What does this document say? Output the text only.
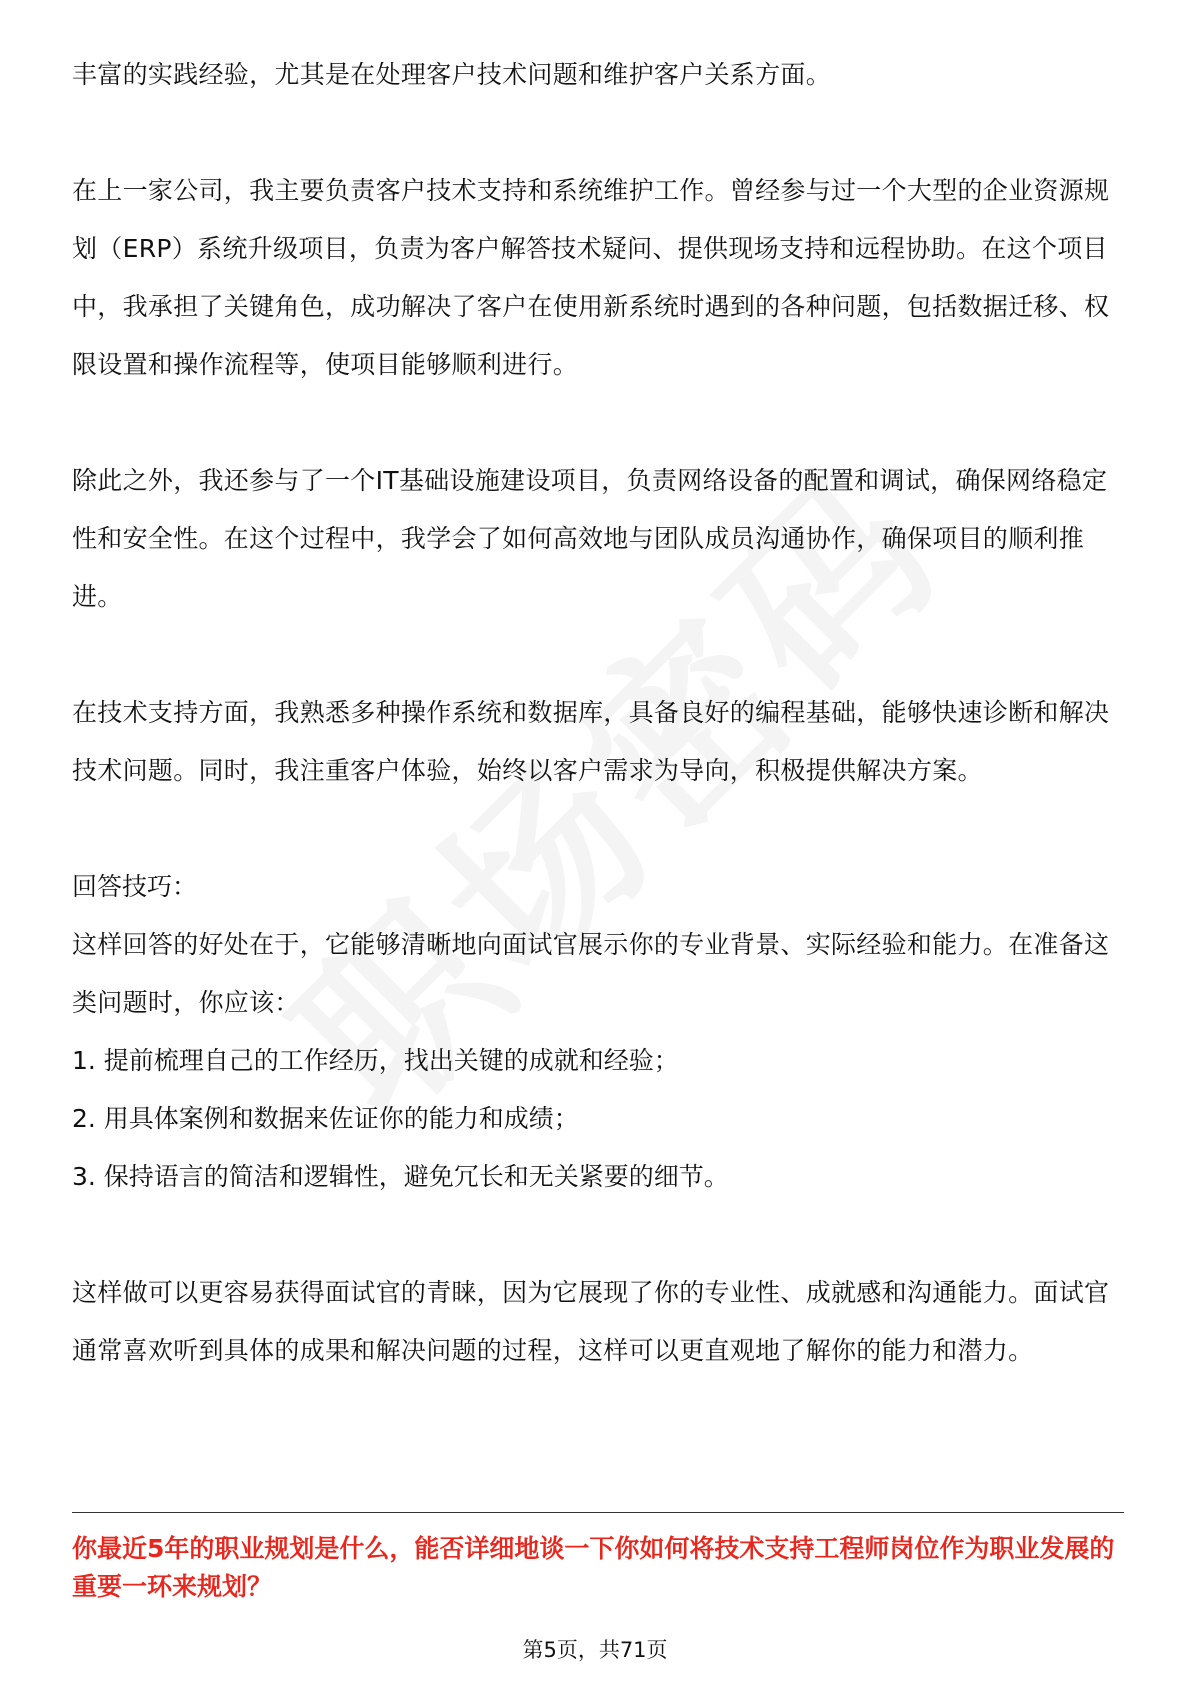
丰富的实践经验，尤其是在处理客户技术问题和维护客户关系方面。

在上一家公司，我主要负责客户技术支持和系统维护工作。曾经参与过一个大型的企业资源规划（ERP）系统升级项目，负责为客户解答技术疑问、提供现场支持和远程协助。在这个项目中，我承担了关键角色，成功解决了客户在使用新系统时遇到的各种问题，包括数据迁移、权限设置和操作流程等，使项目能够顺利进行。

除此之外，我还参与了一个IT基础设施建设项目，负责网络设备的配置和调试，确保网络稳定性和安全性。在这个过程中，我学会了如何高效地与团队成员沟通协作，确保项目的顺利推进。

在技术支持方面，我熟悉多种操作系统和数据库，具备良好的编程基础，能够快速诊断和解决技术问题。同时，我注重客户体验，始终以客户需求为导向，积极提供解决方案。

回答技巧：

这样回答的好处在于，它能够清晰地向面试官展示你的专业背景、实际经验和能力。在准备这类问题时，你应该：

1. 提前梳理自己的工作经历，找出关键的成就和经验；
2. 用具体案例和数据来佐证你的能力和成绩；
3. 保持语言的简洁和逻辑性，避免冗长和无关紧要的细节。

这样做可以更容易获得面试官的青睐，因为它展现了你的专业性、成就感和沟通能力。面试官通常喜欢听到具体的成果和解决问题的过程，这样可以更直观地了解你的能力和潜力。

你最近5年的职业规划是什么，能否详细地谈一下你如何将技术支持工程师岗位作为职业发展的重要一环来规划？

第5页，共71页
